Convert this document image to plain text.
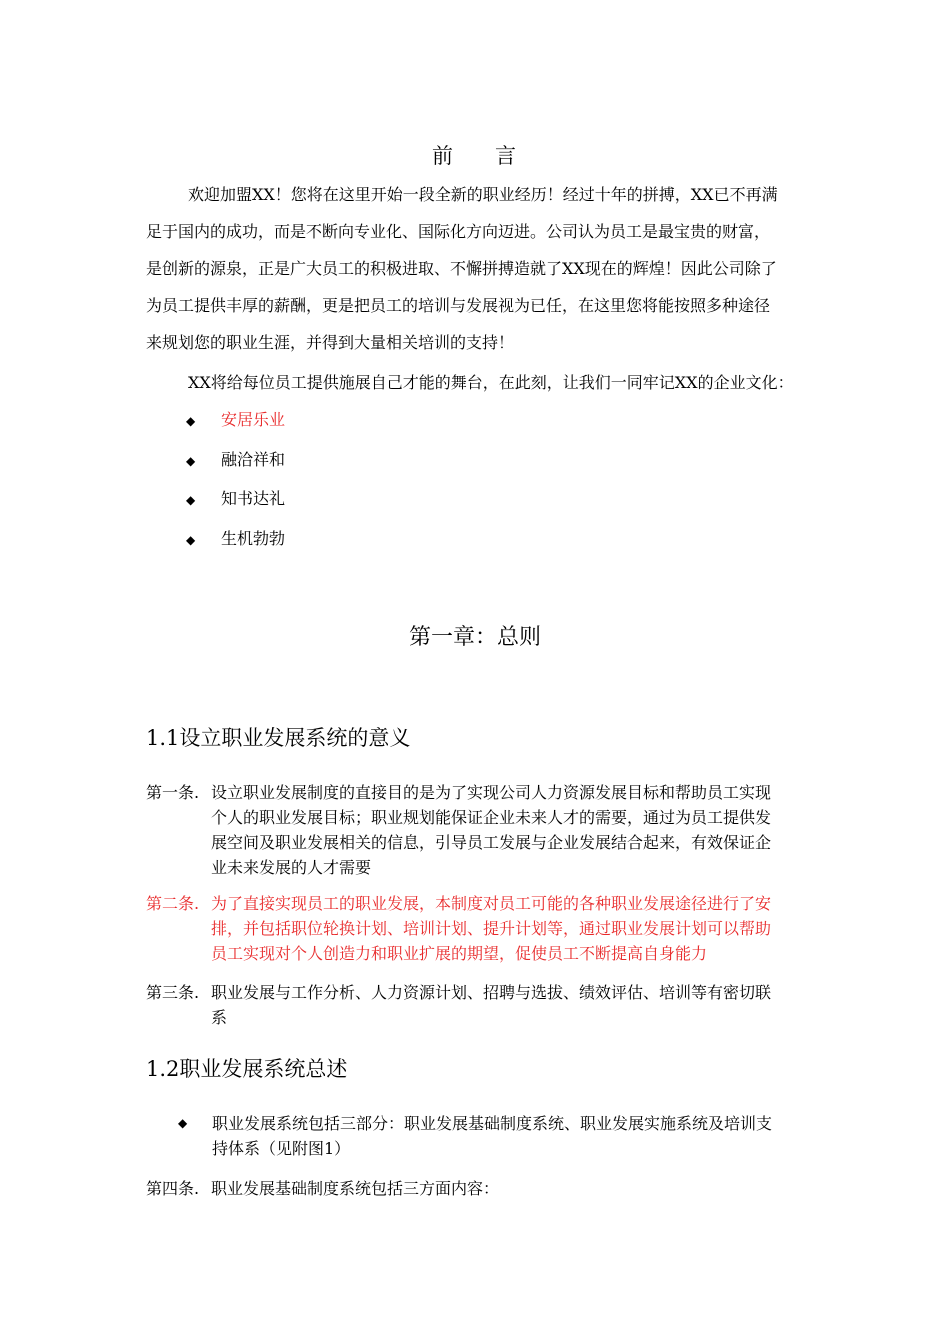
前 言
欢迎加盟XX！您将在这里开始一段全新的职业经历！经过十年的拼搏，XX已不再满
足于国内的成功，而是不断向专业化、国际化方向迈进。公司认为员工是最宝贵的财富，
是创新的源泉，正是广大员工的积极进取、不懈拼搏造就了XX现在的辉煌！因此公司除了
为员工提供丰厚的薪酬，更是把员工的培训与发展视为已任，在这里您将能按照多种途径
来规划您的职业生涯，并得到大量相关培训的支持！
XX将给每位员工提供施展自己才能的舞台，在此刻，让我们一同牢记XX的企业文化：
◆ 安居乐业
◆ 融洽祥和
◆ 知书达礼
◆ 生机勃勃
第一章：总则
1.1设立职业发展系统的意义
第一条. 设立职业发展制度的直接目的是为了实现公司人力资源发展目标和帮助员工实现
个人的职业发展目标；职业规划能保证企业未来人才的需要，通过为员工提供发
展空间及职业发展相关的信息，引导员工发展与企业发展结合起来，有效保证企
业未来发展的人才需要
第二条. 为了直接实现员工的职业发展，本制度对员工可能的各种职业发展途径进行了安
排，并包括职位轮换计划、培训计划、提升计划等，通过职业发展计划可以帮助
员工实现对个人创造力和职业扩展的期望，促使员工不断提高自身能力
第三条. 职业发展与工作分析、人力资源计划、招聘与选拔、绩效评估、培训等有密切联
系
1.2职业发展系统总述
◆ 职业发展系统包括三部分：职业发展基础制度系统、职业发展实施系统及培训支
持体系（见附图1）
第四条. 职业发展基础制度系统包括三方面内容：
